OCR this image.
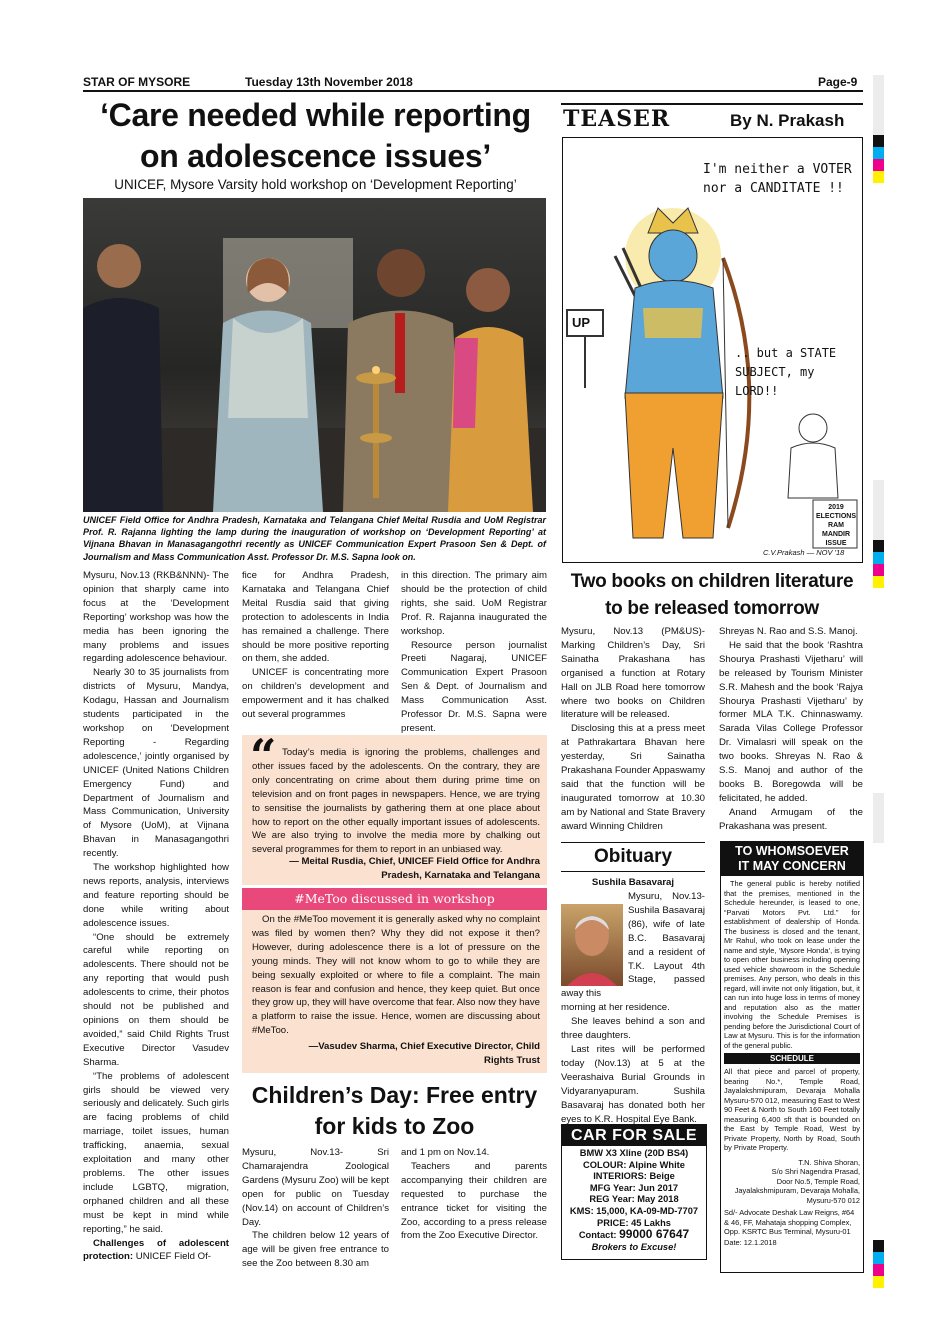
STAR OF MYSORE	Tuesday 13th November 2018	Page-9
‘Care needed while reporting
on adolescence issues’
UNICEF, Mysore Varsity hold workshop on ‘Development Reporting’
UNICEF Field Office for Andhra Pradesh, Karnataka and Telangana Chief Meital Rusdia and UoM Registrar Prof. R. Rajanna lighting the lamp during the inauguration of workshop on ‘Development Reporting’ at Vijnana Bhavan in Manasagangothri recently as UNICEF Communication Expert Prasoon Sen & Dept. of Journalism and Mass Communication Asst. Professor Dr. M.S. Sapna look on.

Mysuru, Nov.13 (RKB&NNN)- The opinion that sharply came into focus at the ‘Development Reporting’ workshop was how the media has been ignoring the many problems and issues regarding adolescence behaviour.

Nearly 30 to 35 journalists from districts of Mysuru, Mandya, Kodagu, Hassan and Journalism students participated in the workshop on ‘Development Reporting - Regarding adolescence,’ jointly organised by UNICEF (United Nations Children Emergency Fund) and Department of Journalism and Mass Communication, University of Mysore (UoM), at Vijnana Bhavan in Manasagangothri recently.

The workshop highlighted how news reports, analysis, interviews and feature reporting should be done while writing about adolescence issues.

“One should be extremely careful while reporting on adolescents. There should not be any reporting that would push adolescents to crime, their photos should not be published and opinions on them should be avoided,” said Child Rights Trust Executive Director Vasudev Sharma.

“The problems of adolescent girls should be viewed very seriously and delicately. Such girls are facing problems of child marriage, toilet issues, human trafficking, anaemia, sexual exploitation and many other problems. The other issues include LGBTQ, migration, orphaned children and all these must be kept in mind while reporting,” he said.

Challenges of adolescent protection: UNICEF Field Of-

fice for Andhra Pradesh, Karnataka and Telangana Chief Meital Rusdia said that giving protection to adolescents in India has remained a challenge. There should be more positive reporting on them, she added.

UNICEF is concentrating more on children’s development and empowerment and it has chalked out several programmes

in this direction. The primary aim should be the protection of child rights, she said. UoM Registrar Prof. R. Rajanna inaugurated the workshop.

Resource person journalist Preeti Nagaraj, UNICEF Communication Expert Prasoon Sen & Dept. of Journalism and Mass Communication Asst. Professor Dr. M.S. Sapna were present.

“ Today’s media is ignoring the problems, challenges and other issues faced by the adolescents. On the contrary, they are only concentrating on crime about them during prime time on television and on front pages in newspapers. Hence, we are trying to sensitise the journalists by gathering them at one place about how to report on the other equally important issues of adolescents. We are also trying to involve the media more by chalking out several programmes for them to report in an unbiased way.
— Meital Rusdia, Chief, UNICEF Field Office for Andhra Pradesh, Karnataka and Telangana
#MeToo discussed in workshop
On the #MeToo movement it is generally asked why no complaint was filed by women then? Why they did not expose it then? However, during adolescence there is a lot of pressure on the young minds. They will not know whom to go to while they are being sexually exploited or where to file a complaint. The main reason is fear and confusion and hence, they keep quiet. But once they grow up, they will have overcome that fear. Also now they have a platform to raise the issue. Hence, women are discussing about #MeToo.
—Vasudev Sharma, Chief Executive Director, Child Rights Trust
Children’s Day: Free entry
for kids to Zoo

Mysuru, Nov.13- Sri Chamarajendra Zoological Gardens (Mysuru Zoo) will be kept open for public on Tuesday (Nov.14) on account of Children’s Day.

The children below 12 years of age will be given free entrance to see the Zoo between 8.30 am

and 1 pm on Nov.14.

Teachers and parents accompanying their children are requested to purchase the entrance ticket for visiting the Zoo, according to a press release from the Zoo Executive Director.

TEASER	By N. Prakash
I'm neither a VOTER nor a CANDITATE !!
.. but a STATE SUBJECT, my LORD!!
UP
2019 ELECTIONS RAM MANDIR ISSUE
C.V.Prakash — NOV '18
Two books on children literature
to be released tomorrow

Mysuru, Nov.13 (PM&US)- Marking Children’s Day, Sri Sainatha Prakashana has organised a function at Rotary Hall on JLB Road here tomorrow where two books on Children literature will be released.

Disclosing this at a press meet at Pathrakartara Bhavan here yesterday, Sri Sainatha Prakashana Founder Appaswamy said that the function will be inaugurated tomorrow at 10.30 am by National and State Bravery award Winning Children

Shreyas N. Rao and S.S. Manoj.

He said that the book ‘Rashtra Shourya Prashasti Vijetharu’ will be released by Tourism Minister S.R. Mahesh and the book ‘Rajya Shourya Prashasti Vijetharu’ by former MLA T.K. Chinnaswamy. Sarada Vilas College Professor Dr. Vimalasri will speak on the two books. Shreyas N. Rao & S.S. Manoj and author of the books B. Boregowda will be felicitated, he added.

Anand Armugam of the Prakashana was present.

Obituary
Sushila Basavaraj
Mysuru, Nov.13- Sushila Basavaraj (86), wife of late B.C. Basavaraj and a resident of T.K. Layout 4th Stage, passed away this
morning at her residence.
She leaves behind a son and three daughters.
Last rites will be performed today (Nov.13) at 5 at the Veerashaiva Burial Grounds in Vidyaranyapuram. Sushila Basavaraj has donated both her eyes to K.R. Hospital Eye Bank.
CAR FOR SALE
BMW X3 Xline (20D BS4)
COLOUR: Alpine White
INTERIORS: Beige
MFG Year: Jun 2017
REG Year: May 2018
KMS: 15,000, KA-09-MD-7707
PRICE: 45 Lakhs
Contact: 99000 67647
Brokers to Excuse!
TO WHOMSOEVER
IT MAY CONCERN
The general public is hereby notified that the premises, mentioned in the Schedule hereunder, is leased to one, “Parvati Motors Pvt. Ltd.” for establishment of dealership of Honda. The business is closed and the tenant, Mr Rahul, who took on lease under the name and style, ‘Mysore Honda’, is trying to open other business including opening used vehicle showroom in the Schedule premises. Any person, who deals in this regard, will invite not only litigation, but, it can run into huge loss in terms of money and reputation also as the matter involving the Schedule Premises is pending before the Jurisdictional Court of Law at Mysuru. This is for the information of the general public.
SCHEDULE
All that piece and parcel of property, bearing No.*, Temple Road, Jayalakshmipuram, Devaraja Mohalla Mysuru-570 012, measuring East to West 90 Feet & North to South 160 Feet totally measuring 6,400 sft that is bounded on the East by Temple Road, West by Private Property, North by Road, South by Private Property.
T.N. Shiva Shoran,
S/o Shri Nagendra Prasad,
Door No.5, Temple Road,
Jayalakshmipuram, Devaraja Mohalla,
Mysuru-570 012
Sd/- Advocate Deshak Law Reigns, #64 & 46, FF, Mahataja shopping Complex, Opp. KSRTC Bus Terminal, Mysuru-01
Date: 12.1.2018
